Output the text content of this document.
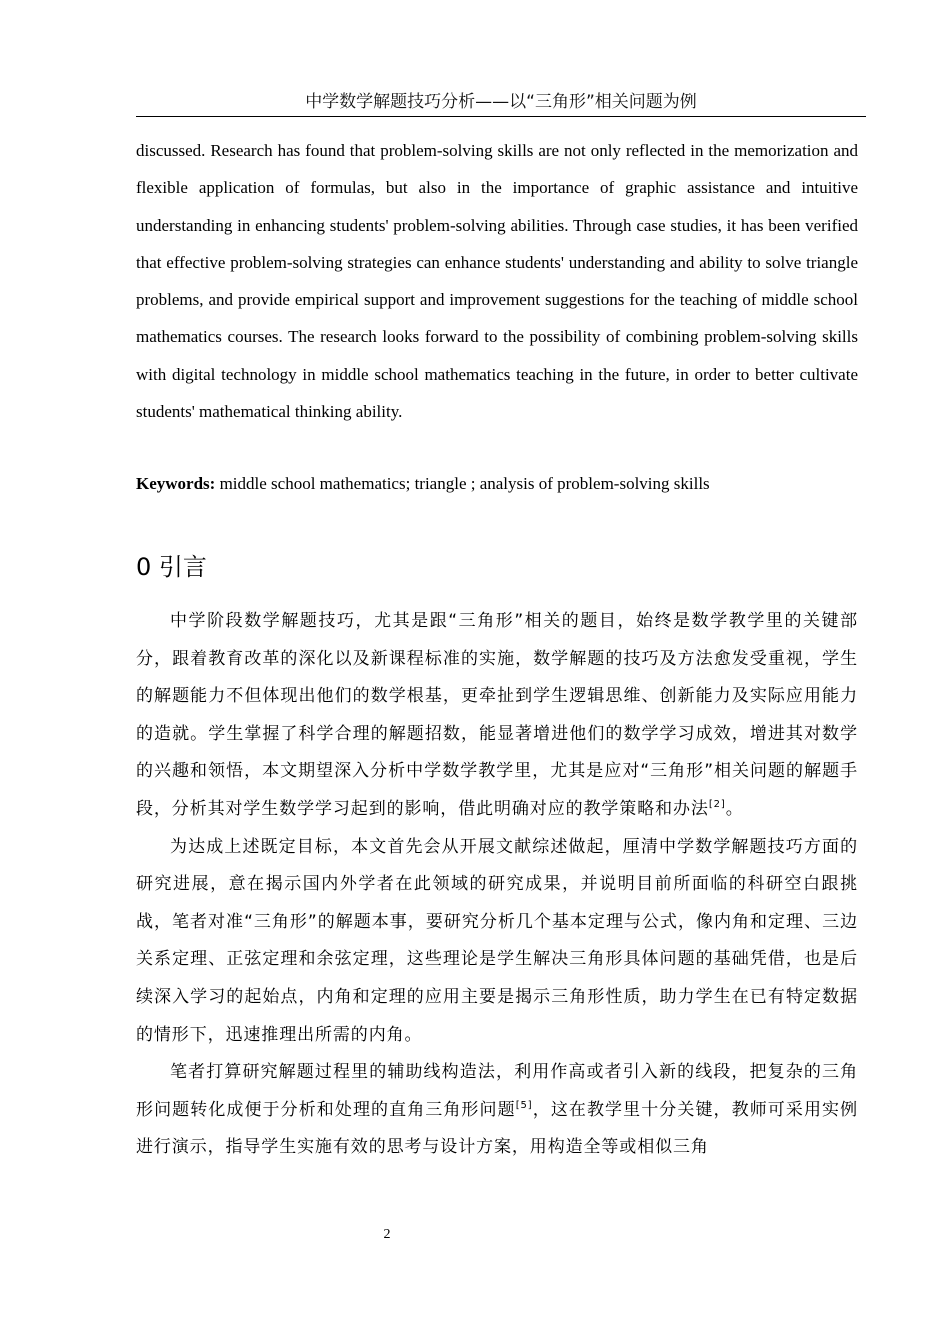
中学数学解题技巧分析——以“三角形”相关问题为例

discussed. Research has found that problem-solving skills are not only reflected in the memorization and flexible application of formulas, but also in the importance of graphic assistance and intuitive understanding in enhancing students' problem-solving abilities. Through case studies, it has been verified that effective problem-solving strategies can enhance students' understanding and ability to solve triangle problems, and provide empirical support and improvement suggestions for the teaching of middle school mathematics courses. The research looks forward to the possibility of combining problem-solving skills with digital technology in middle school mathematics teaching in the future, in order to better cultivate students' mathematical thinking ability.

Keywords: middle school mathematics; triangle ; analysis of problem-solving skills
0 引言

中学阶段数学解题技巧，尤其是跟“三角形”相关的题目，始终是数学教学里的关键部分，跟着教育改革的深化以及新课程标准的实施，数学解题的技巧及方法愈发受重视，学生的解题能力不但体现出他们的数学根基，更牵扯到学生逻辑思维、创新能力及实际应用能力的造就。学生掌握了科学合理的解题招数，能显著增进他们的数学学习成效，增进其对数学的兴趣和领悟，本文期望深入分析中学数学教学里，尤其是应对“三角形”相关问题的解题手段，分析其对学生数学学习起到的影响，借此明确对应的教学策略和办法[2]。

为达成上述既定目标，本文首先会从开展文献综述做起，厘清中学数学解题技巧方面的研究进展，意在揭示国内外学者在此领域的研究成果，并说明目前所面临的科研空白跟挑战，笔者对准“三角形”的解题本事，要研究分析几个基本定理与公式，像内角和定理、三边关系定理、正弦定理和余弦定理，这些理论是学生解决三角形具体问题的基础凭借，也是后续深入学习的起始点，内角和定理的应用主要是揭示三角形性质，助力学生在已有特定数据的情形下，迅速推理出所需的内角。

笔者打算研究解题过程里的辅助线构造法，利用作高或者引入新的线段，把复杂的三角形问题转化成便于分析和处理的直角三角形问题[5]，这在教学里十分关键，教师可采用实例进行演示，指导学生实施有效的思考与设计方案，用构造全等或相似三角

2
